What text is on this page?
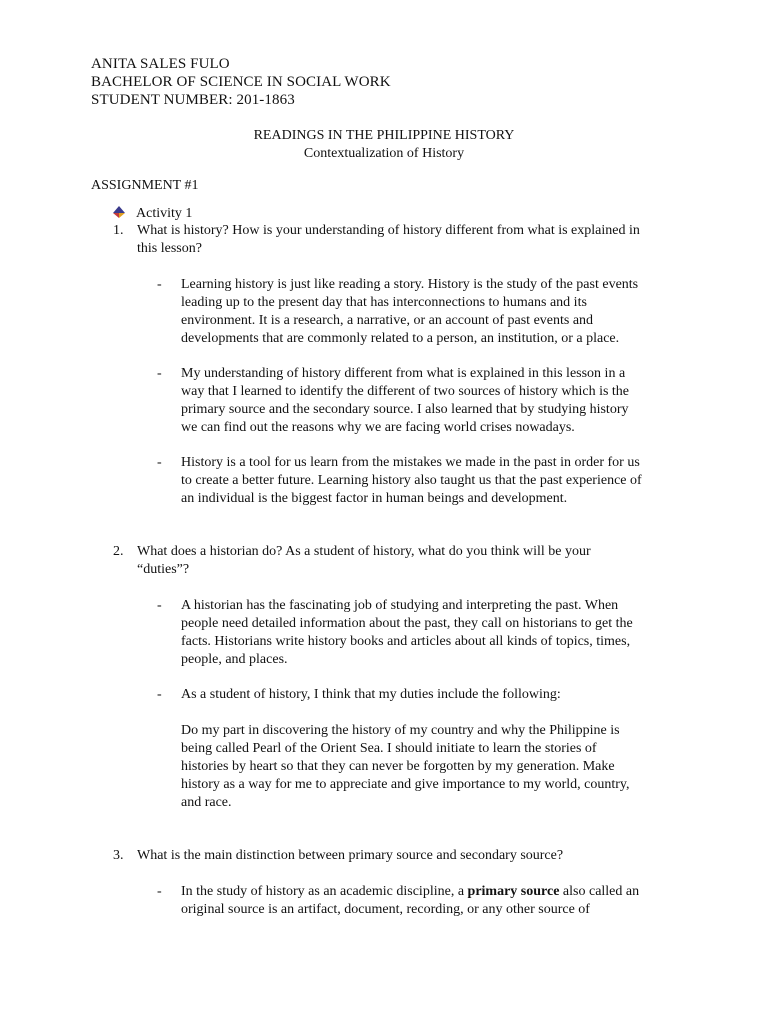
ANITA SALES FULO
BACHELOR OF SCIENCE IN SOCIAL WORK
STUDENT NUMBER: 201-1863
READINGS IN THE PHILIPPINE HISTORY
Contextualization of History
ASSIGNMENT #1
Activity 1
1. What is history? How is your understanding of history different from what is explained in
this lesson?
- Learning history is just like reading a story. History is the study of the past events
leading up to the present day that has interconnections to humans and its
environment. It is a research, a narrative, or an account of past events and
developments that are commonly related to a person, an institution, or a place.
- My understanding of history different from what is explained in this lesson in a
way that I learned to identify the different of two sources of history which is the
primary source and the secondary source. I also learned that by studying history
we can find out the reasons why we are facing world crises nowadays.
- History is a tool for us learn from the mistakes we made in the past in order for us
to create a better future. Learning history also taught us that the past experience of
an individual is the biggest factor in human beings and development.
2. What does a historian do? As a student of history, what do you think will be your
“duties”?
- A historian has the fascinating job of studying and interpreting the past. When
people need detailed information about the past, they call on historians to get the
facts. Historians write history books and articles about all kinds of topics, times,
people, and places.
- As a student of history, I think that my duties include the following:
Do my part in discovering the history of my country and why the Philippine is
being called Pearl of the Orient Sea. I should initiate to learn the stories of
histories by heart so that they can never be forgotten by my generation. Make
history as a way for me to appreciate and give importance to my world, country,
and race.
3. What is the main distinction between primary source and secondary source?
- In the study of history as an academic discipline, a primary source also called an
original source is an artifact, document, recording, or any other source of
